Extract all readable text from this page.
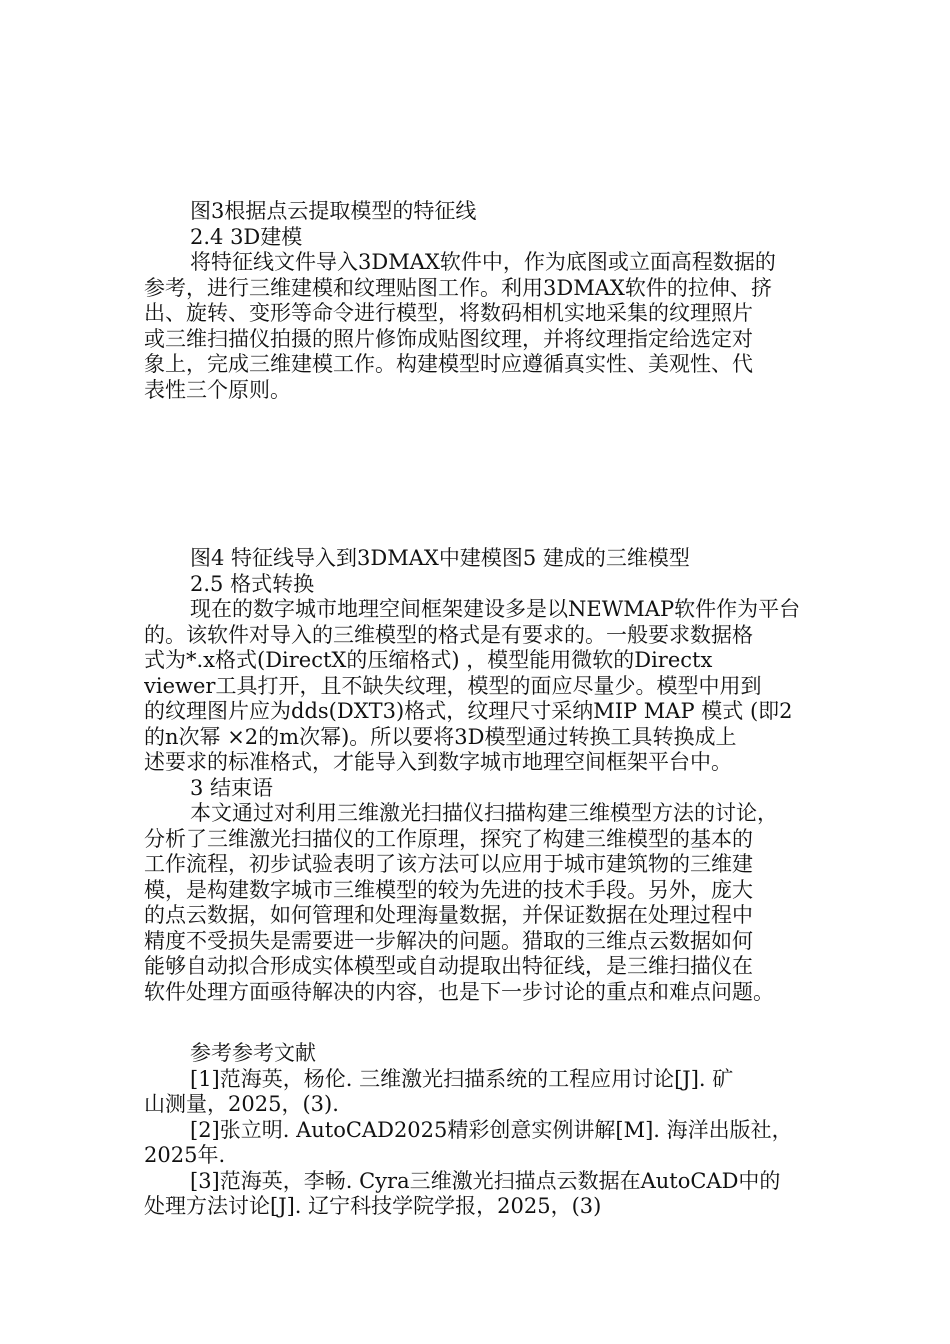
图3根据点云提取模型的特征线
2.4 3D建模
将特征线文件导入3DMAX软件中，作为底图或立面高程数据的
参考，进行三维建模和纹理贴图工作。利用3DMAX软件的拉伸、挤
出、旋转、变形等命令进行模型，将数码相机实地采集的纹理照片
或三维扫描仪拍摄的照片修饰成贴图纹理，并将纹理指定给选定对
象上，完成三维建模工作。构建模型时应遵循真实性、美观性、代
表性三个原则。
图4 特征线导入到3DMAX中建模图5 建成的三维模型
2.5 格式转换
现在的数字城市地理空间框架建设多是以NEWMAP软件作为平台
的。该软件对导入的三维模型的格式是有要求的。一般要求数据格
式为*.x格式(DirectX的压缩格式) ，模型能用微软的Directx
viewer工具打开，且不缺失纹理，模型的面应尽量少。模型中用到
的纹理图片应为dds(DXT3)格式，纹理尺寸采纳MIP MAP 模式 (即2
的n次幂 ×2的m次幂)。所以要将3D模型通过转换工具转换成上
述要求的标准格式，才能导入到数字城市地理空间框架平台中。
3 结束语
本文通过对利用三维激光扫描仪扫描构建三维模型方法的讨论，
分析了三维激光扫描仪的工作原理，探究了构建三维模型的基本的
工作流程，初步试验表明了该方法可以应用于城市建筑物的三维建
模，是构建数字城市三维模型的较为先进的技术手段。另外，庞大
的点云数据，如何管理和处理海量数据，并保证数据在处理过程中
精度不受损失是需要进一步解决的问题。猎取的三维点云数据如何
能够自动拟合形成实体模型或自动提取出特征线，是三维扫描仪在
软件处理方面亟待解决的内容，也是下一步讨论的重点和难点问题。
参考参考文献
[1]范海英，杨伦. 三维激光扫描系统的工程应用讨论[J]. 矿
山测量，2025，(3).
[2]张立明. AutoCAD2025精彩创意实例讲解[M]. 海洋出版社，
2025年.
[3]范海英，李畅. Cyra三维激光扫描点云数据在AutoCAD中的
处理方法讨论[J]. 辽宁科技学院学报，2025，(3)
